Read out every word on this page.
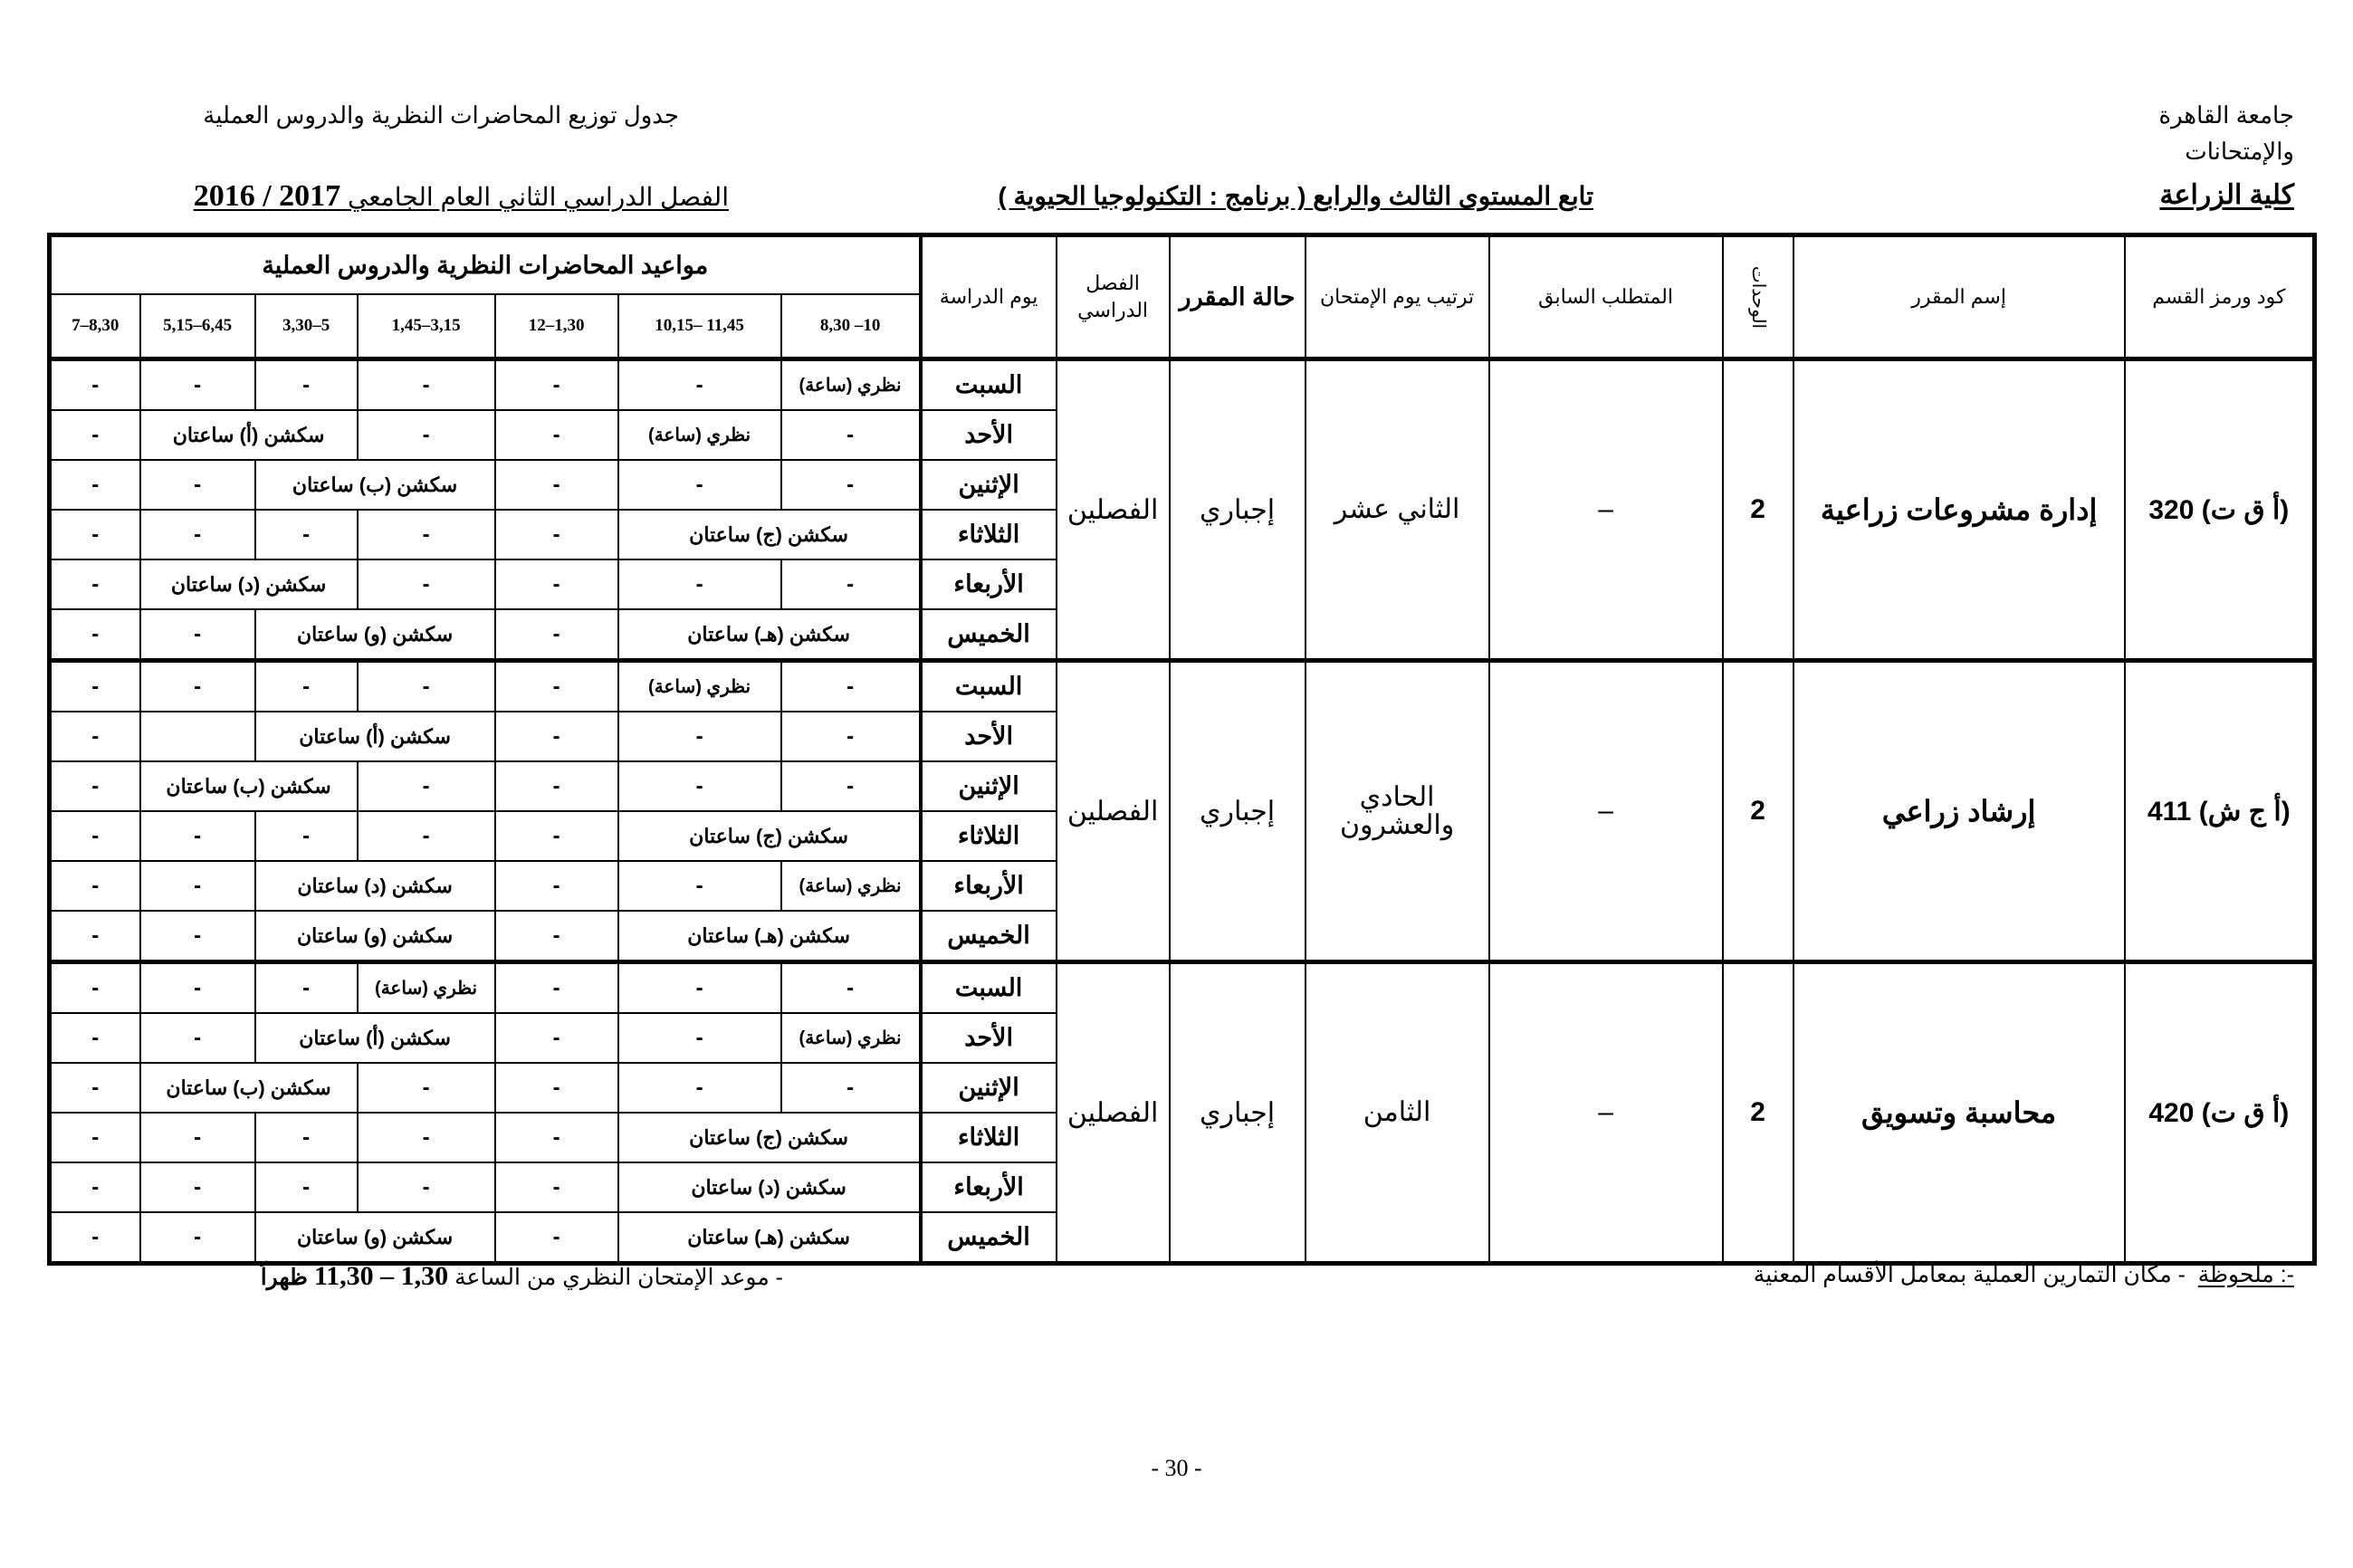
جامعة القاهرة
والإمتحانات
كلية الزراعة
جدول توزيع المحاضرات النظرية والدروس العملية
تابع المستوى الثالث والرابع ( برنامج : التكنولوجيا الحيوية )
الفصل الدراسي الثاني العام الجامعي 2016 / 2017
كود ورمز القسم	إسم المقرر	الوحدات	المتطلب السابق	ترتيب يوم الإمتحان	حالة المقرر	الفصل الدراسي	يوم الدراسة	مواعيد المحاضرات النظرية والدروس العملية						
								8,30 –10	10,15– 11,45	12–1,30	1,45–3,15	3,30–5	5,15–6,45	7–8,30
(أ ق ت) 320	إدارة مشروعات زراعية	2	–	الثاني عشر	إجباري	الفصلين	السبت	نظري (ساعة)	-	-	-	-	-	-
							الأحد	-	نظري (ساعة)	-	-	سكشن (أ) ساعتان		-
							الإثنين	-	-	-	سكشن (ب) ساعتان		-	-
							الثلاثاء	سكشن (ج) ساعتان		-	-	-	-	-
							الأربعاء	-	-	-	-	سكشن (د) ساعتان		-
							الخميس	سكشن (هـ) ساعتان		-	سكشن (و) ساعتان		-	-
(أ ج ش) 411	إرشاد زراعي	2	–	الحادي والعشرون	إجباري	الفصلين	السبت	-	نظري (ساعة)	-	-	-	-	-
							الأحد	-	-	-	سكشن (أ) ساعتان			-
							الإثنين	-	-	-	-	سكشن (ب) ساعتان		-
							الثلاثاء	سكشن (ج) ساعتان		-	-	-	-	-
							الأربعاء	نظري (ساعة)	-	-	سكشن (د) ساعتان		-	-
							الخميس	سكشن (هـ) ساعتان		-	سكشن (و) ساعتان		-	-
(أ ق ت) 420	محاسبة وتسويق	2	–	الثامن	إجباري	الفصلين	السبت	-	-	-	نظري (ساعة)	-	-	-
							الأحد	نظري (ساعة)	-	-	سكشن (أ) ساعتان		-	-
							الإثنين	-	-	-	-	سكشن (ب) ساعتان		-
							الثلاثاء	سكشن (ج) ساعتان		-	-	-	-	-
							الأربعاء	سكشن (د) ساعتان		-	-	-	-	-
							الخميس	سكشن (هـ) ساعتان		-	سكشن (و) ساعتان		-	-
ملحوظة :-
- مكان التمارين العملية بمعامل الأقسام المعنية
- موعد الإمتحان النظري من الساعة 11,30 – 1,30 ظهراً
- 30 -
